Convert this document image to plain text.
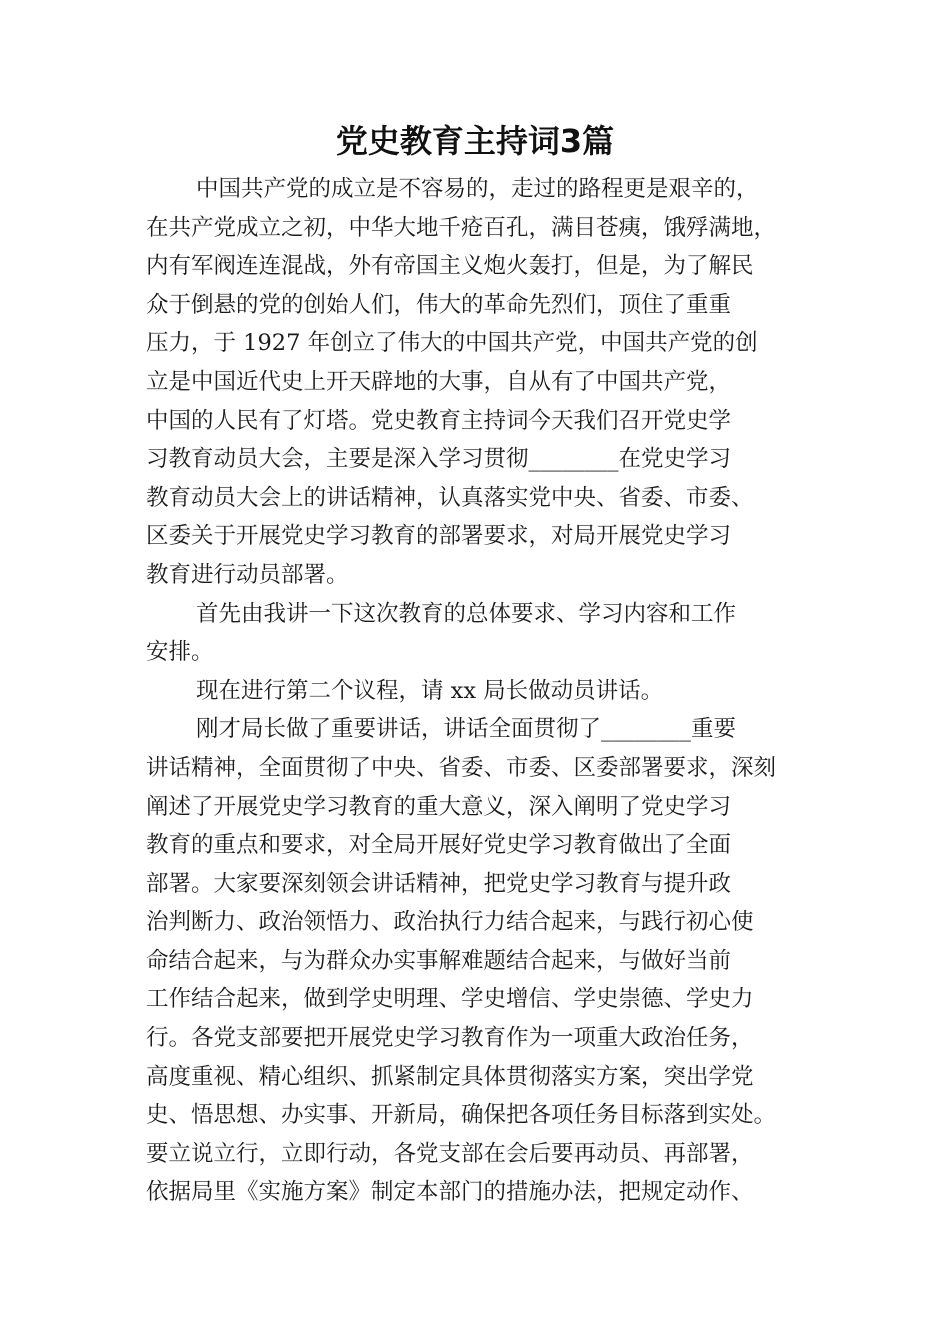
党史教育主持词3篇
中国共产党的成立是不容易的，走过的路程更是艰辛的，
在共产党成立之初，中华大地千疮百孔，满目苍痍，饿殍满地，
内有军阀连连混战，外有帝国主义炮火轰打，但是，为了解民
众于倒悬的党的创始人们，伟大的革命先烈们，顶住了重重
压力，于 1927 年创立了伟大的中国共产党，中国共产党的创
立是中国近代史上开天辟地的大事，自从有了中国共产党，
中国的人民有了灯塔。党史教育主持词今天我们召开党史学
习教育动员大会，主要是深入学习贯彻________在党史学习
教育动员大会上的讲话精神，认真落实党中央、省委、市委、
区委关于开展党史学习教育的部署要求，对局开展党史学习
教育进行动员部署。
首先由我讲一下这次教育的总体要求、学习内容和工作
安排。
现在进行第二个议程，请 xx 局长做动员讲话。
刚才局长做了重要讲话，讲话全面贯彻了________重要
讲话精神，全面贯彻了中央、省委、市委、区委部署要求，深刻
阐述了开展党史学习教育的重大意义，深入阐明了党史学习
教育的重点和要求，对全局开展好党史学习教育做出了全面
部署。大家要深刻领会讲话精神，把党史学习教育与提升政
治判断力、政治领悟力、政治执行力结合起来，与践行初心使
命结合起来，与为群众办实事解难题结合起来，与做好当前
工作结合起来，做到学史明理、学史增信、学史崇德、学史力
行。各党支部要把开展党史学习教育作为一项重大政治任务，
高度重视、精心组织、抓紧制定具体贯彻落实方案，突出学党
史、悟思想、办实事、开新局，确保把各项任务目标落到实处。
要立说立行，立即行动，各党支部在会后要再动员、再部署，
依据局里《实施方案》制定本部门的措施办法，把规定动作、
